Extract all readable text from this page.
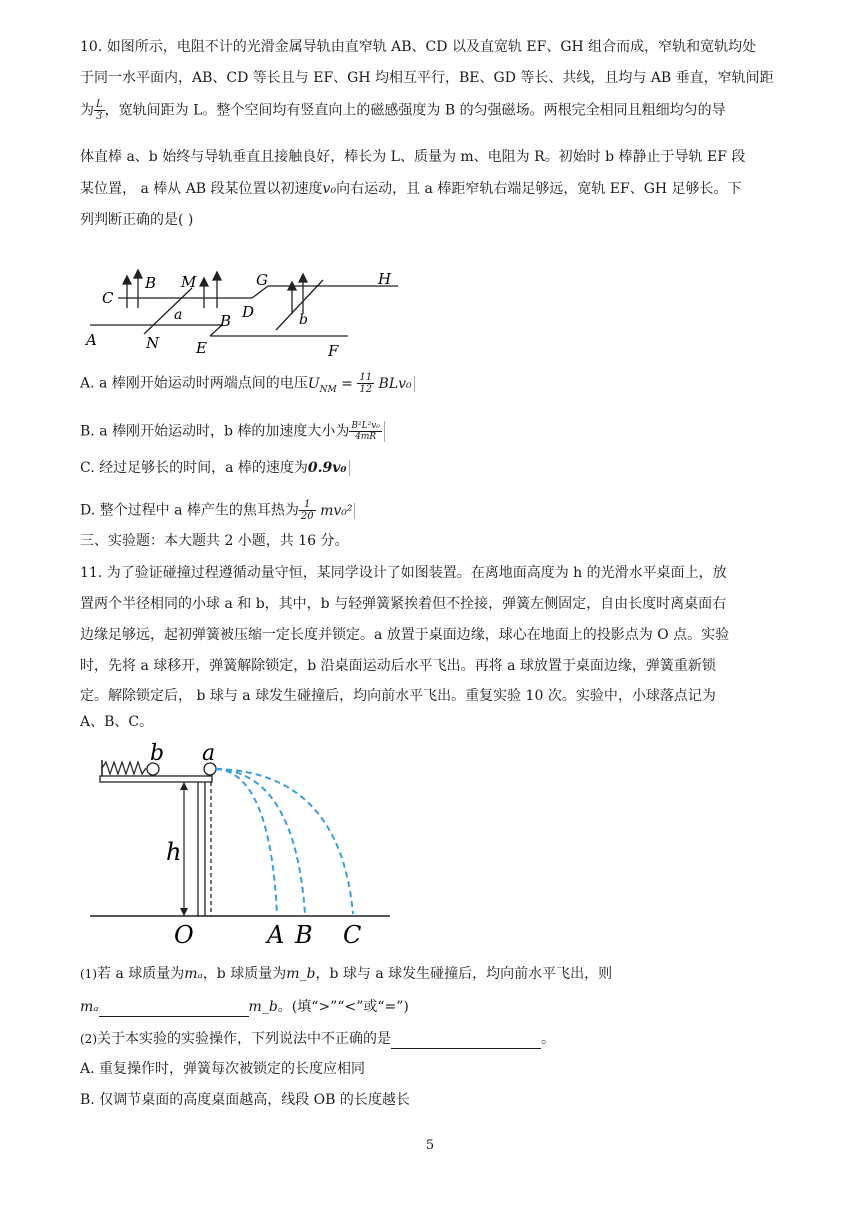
10. 如图所示，电阻不计的光滑金属导轨由直窄轨 AB、CD 以及直宽轨 EF、GH 组合而成，窄轨和宽轨均处
于同一水平面内，AB、CD 等长且与 EF、GH 均相互平行，BE、GD 等长、共线，且均与 AB 垂直，窄轨间距
为 $\frac{L}{3}$ ，宽轨间距为 L。整个空间均有竖直向上的磁感强度为 B 的匀强磁场。两根完全相同且粗细均匀的导
体直棒 a、b 始终与导轨垂直且接触良好，棒长为 L、质量为 m、电阻为 R。初始时 b 棒静止于导轨 EF 段
某位置， a 棒从 AB 段某位置以初速度v₀向右运动，且 a 棒距窄轨右端足够远，宽轨 EF、GH 足够长。下
列判断正确的是( )
C
B M	G	H
a	B D	b
A	N E	F
A. a 棒刚开始运动时两端点间的电压$U_{NM} = \frac{11}{12} BLv_0$
B. a 棒刚开始运动时，b 棒的加速度大小为 $\frac{\text{B²L²v₀}}{4mR}$
C. 经过足够长的时间，a 棒的速度为0.9v₀
D. 整个过程中 a 棒产生的焦耳热为 $\frac{1}{20} mv_0^2$
三、实验题：本大题共 2 小题，共 16 分。
11. 为了验证碰撞过程遵循动量守恒，某同学设计了如图装置。在离地面高度为 h 的光滑水平桌面上，放
置两个半径相同的小球 a 和 b，其中，b 与轻弹簧紧挨着但不拴接，弹簧左侧固定，自由长度时离桌面右
边缘足够远，起初弹簧被压缩一定长度并锁定。a 放置于桌面边缘，球心在地面上的投影点为 O 点。实验
时，先将 a 球移开，弹簧解除锁定，b 沿桌面运动后水平飞出。再将 a 球放置于桌面边缘，弹簧重新锁
定。解除锁定后， b 球与 a 球发生碰撞后，均向前水平飞出。重复实验 10 次。实验中，小球落点记为
A、B、C。
b a
h
O	A B C
(1)若 a 球质量为mₐ，b 球质量为m_b，b 球与 a 球发生碰撞后，均向前水平飞出，则
mₐ	m_b。(填“>”“<”或“=”)
(2)关于本实验的实验操作，下列说法中不正确的是	。
A. 重复操作时，弹簧每次被锁定的长度应相同
B. 仅调节桌面的高度桌面越高，线段 OB 的长度越长
5
